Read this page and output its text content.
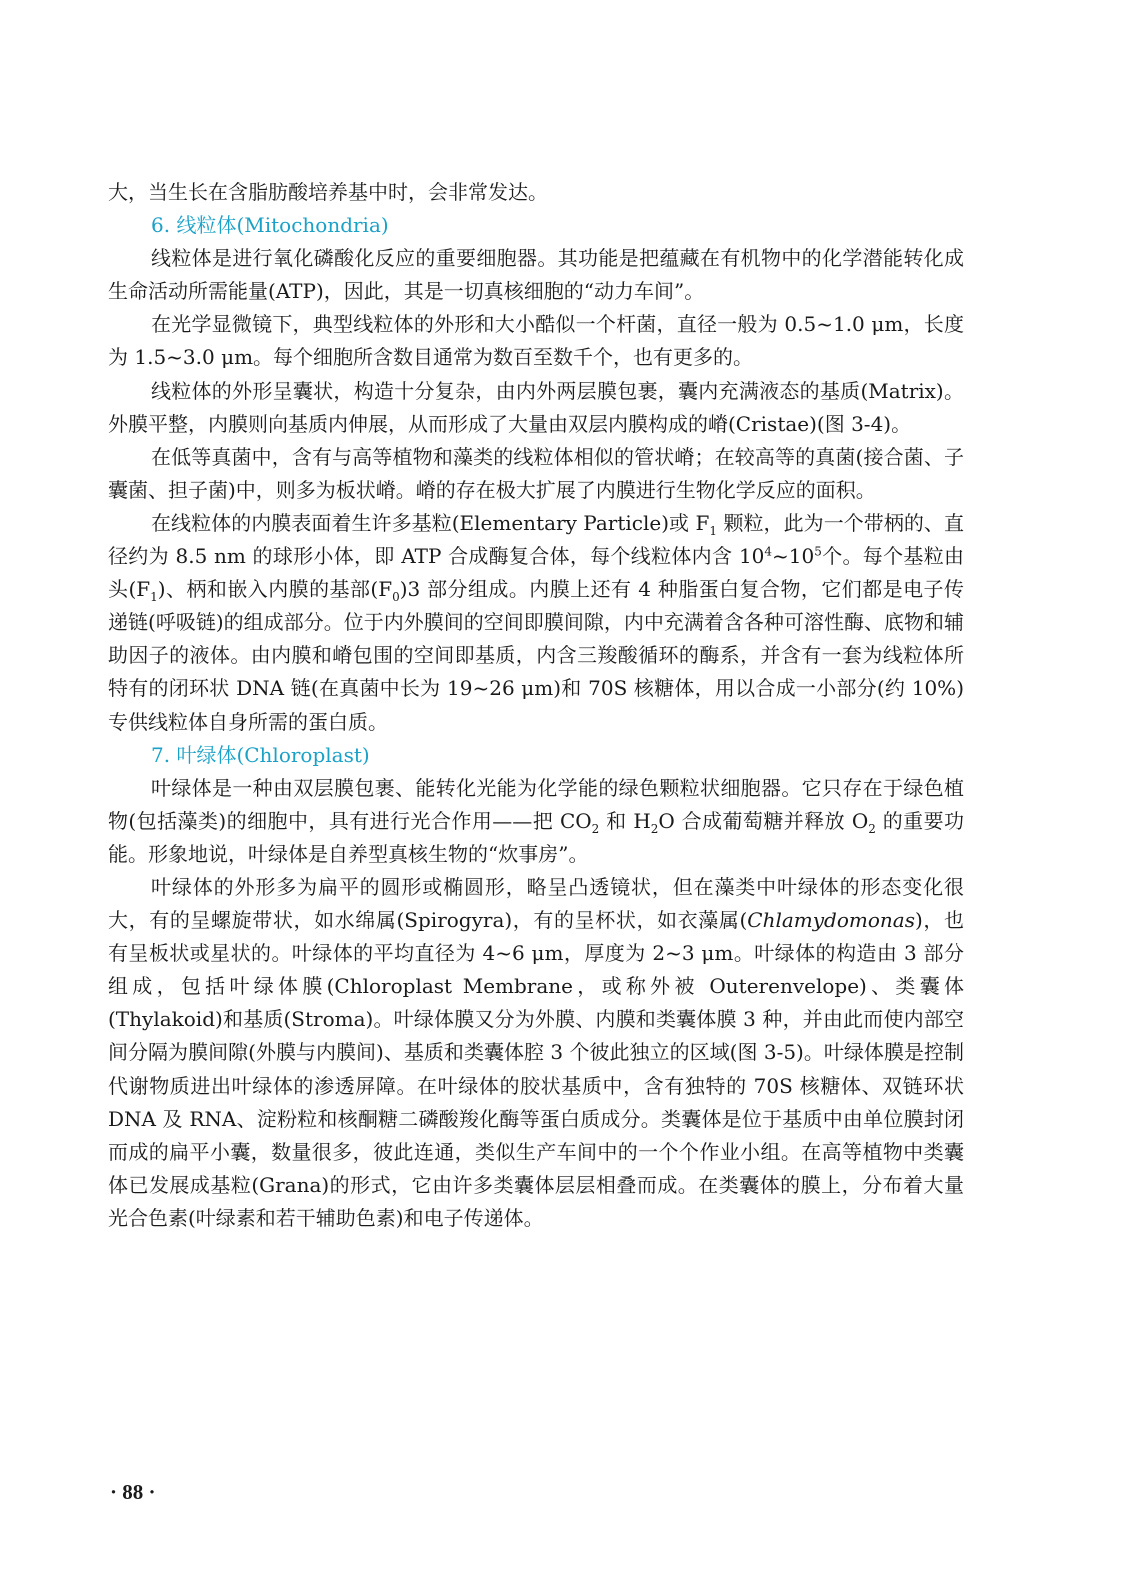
大，当生长在含脂肪酸培养基中时，会非常发达。

6. 线粒体(Mitochondria)

线粒体是进行氧化磷酸化反应的重要细胞器。其功能是把蕴藏在有机物中的化学潜能转化成生命活动所需能量(ATP)，因此，其是一切真核细胞的“动力车间”。

在光学显微镜下，典型线粒体的外形和大小酷似一个杆菌，直径一般为 0.5~1.0 μm，长度为 1.5~3.0 μm。每个细胞所含数目通常为数百至数千个，也有更多的。

线粒体的外形呈囊状，构造十分复杂，由内外两层膜包裹，囊内充满液态的基质(Matrix)。外膜平整，内膜则向基质内伸展，从而形成了大量由双层内膜构成的嵴(Cristae)(图 3-4)。

在低等真菌中，含有与高等植物和藻类的线粒体相似的管状嵴；在较高等的真菌(接合菌、子囊菌、担子菌)中，则多为板状嵴。嵴的存在极大扩展了内膜进行生物化学反应的面积。

在线粒体的内膜表面着生许多基粒(Elementary Particle)或 $F_1$ 颗粒，此为一个带柄的、直径约为 8.5 nm 的球形小体，即 ATP 合成酶复合体，每个线粒体内含 $10^4\sim 10^5$个。每个基粒由头$(F_1)$、柄和嵌入内膜的基部$(F_0)3$ 部分组成。内膜上还有 4 种脂蛋白复合物，它们都是电子传递链(呼吸链)的组成部分。位于内外膜间的空间即膜间隙，内中充满着含各种可溶性酶、底物和辅助因子的液体。由内膜和嵴包围的空间即基质，内含三羧酸循环的酶系，并含有一套为线粒体所特有的闭环状 DNA 链(在真菌中长为 19~26 μm)和 70S 核糖体，用以合成一小部分(约 10%)专供线粒体自身所需的蛋白质。

7. 叶绿体(Chloroplast)

叶绿体是一种由双层膜包裹、能转化光能为化学能的绿色颗粒状细胞器。它只存在于绿色植物(包括藻类)的细胞中，具有进行光合作用——把 $CO_2$ 和 $H_2O$ 合成葡萄糖并释放 $O_2$ 的重要功能。形象地说，叶绿体是自养型真核生物的“炊事房”。

叶绿体的外形多为扁平的圆形或椭圆形，略呈凸透镜状，但在藻类中叶绿体的形态变化很大，有的呈螺旋带状，如水绵属(Spirogyra)，有的呈杯状，如衣藻属(Chlamydomonas)，也有呈板状或星状的。叶绿体的平均直径为 4~6 μm，厚度为 2~3 μm。叶绿体的构造由 3 部分组成，包括叶绿体膜(Chloroplast Membrane，或称外被 Outerenvelope)、类囊体(Thylakoid)和基质(Stroma)。叶绿体膜又分为外膜、内膜和类囊体膜 3 种，并由此而使内部空间分隔为膜间隙(外膜与内膜间)、基质和类囊体腔 3 个彼此独立的区域(图 3-5)。叶绿体膜是控制代谢物质进出叶绿体的渗透屏障。在叶绿体的胶状基质中，含有独特的 70S 核糖体、双链环状 DNA 及 RNA、淀粉粒和核酮糖二磷酸羧化酶等蛋白质成分。类囊体是位于基质中由单位膜封闭而成的扁平小囊，数量很多，彼此连通，类似生产车间中的一个个作业小组。在高等植物中类囊体已发展成基粒(Grana)的形式，它由许多类囊体层层相叠而成。在类囊体的膜上，分布着大量光合色素(叶绿素和若干辅助色素)和电子传递体。

· 88 ·
